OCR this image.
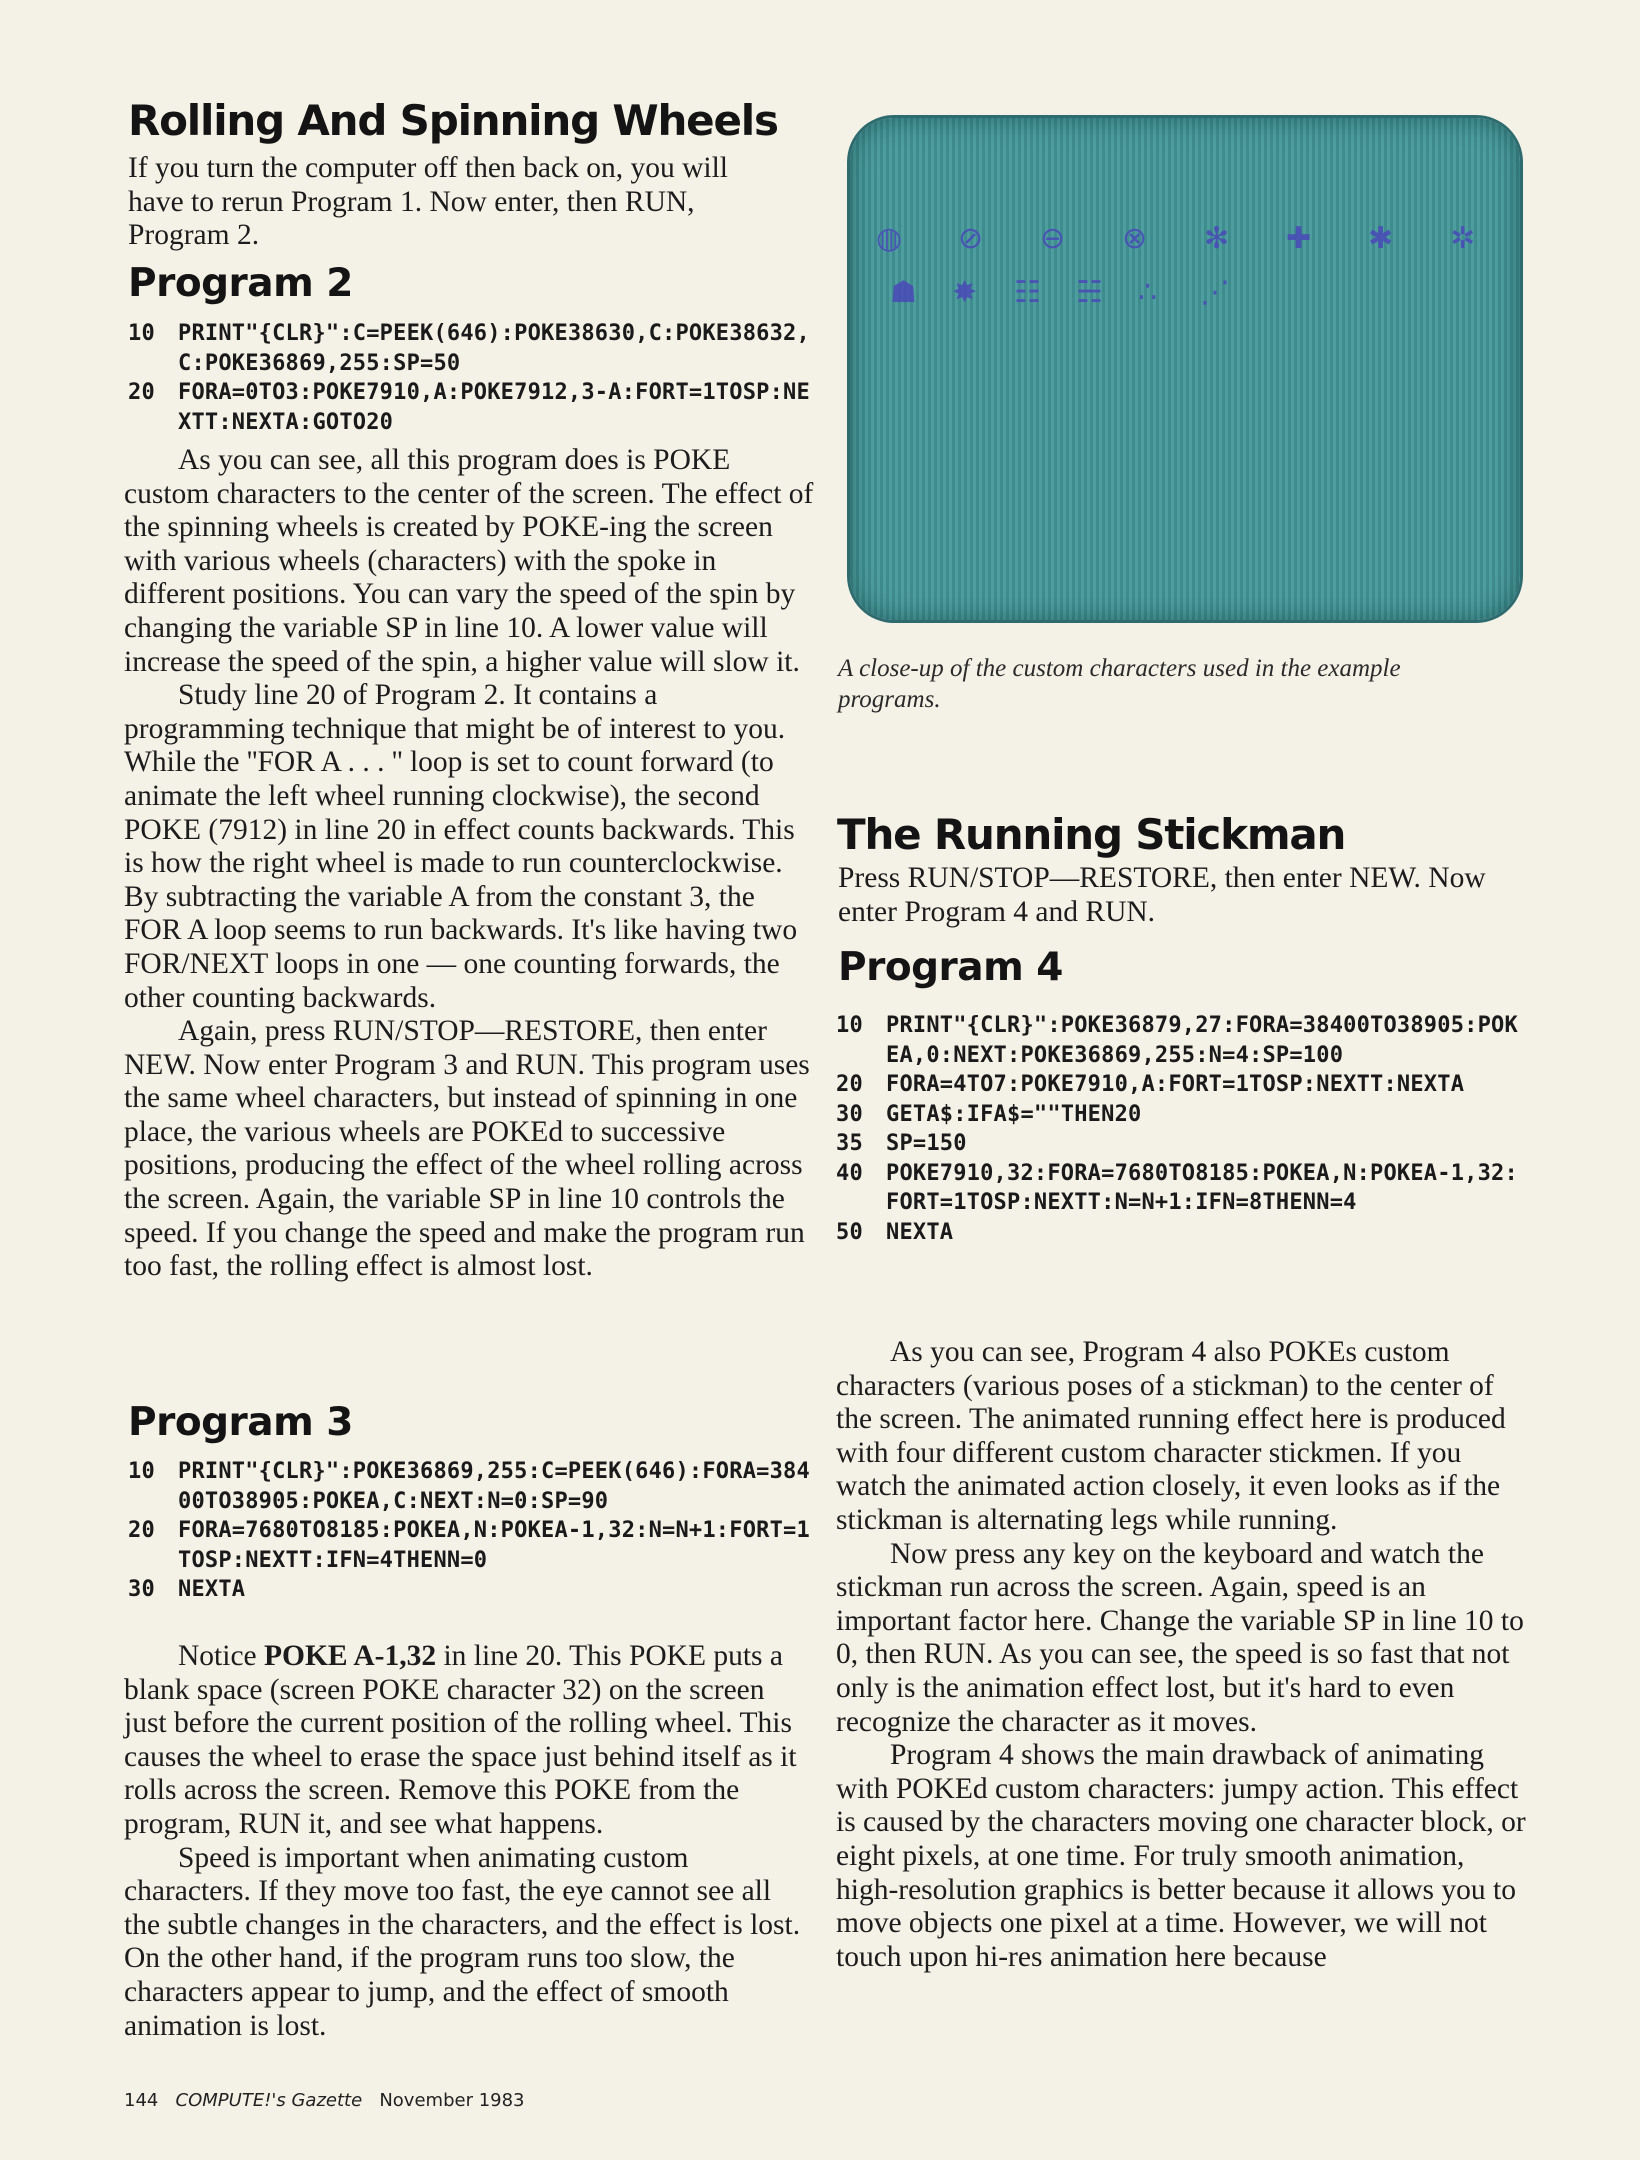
Rolling And Spinning Wheels

If you turn the computer off then back on, you will have to rerun Program 1. Now enter, then RUN, Program 2.

Program 2
10	PRINT"{CLR}":C=PEEK(646):POKE38630,C:POKE38632,C:POKE36869,255:SP=50
20	FORA=0TO3:POKE7910,A:POKE7912,3-A:FORT=1TOSP:NEXTT:NEXTA:GOTO20

As you can see, all this program does is POKE custom characters to the center of the screen. The effect of the spinning wheels is created by POKE-ing the screen with various wheels (characters) with the spoke in different positions. You can vary the speed of the spin by changing the variable SP in line 10. A lower value will increase the speed of the spin, a higher value will slow it.

Study line 20 of Program 2. It contains a programming technique that might be of interest to you. While the ''FOR A . . . '' loop is set to count forward (to animate the left wheel running clockwise), the second POKE (7912) in line 20 in effect counts backwards. This is how the right wheel is made to run counterclockwise. By subtracting the variable A from the constant 3, the FOR A loop seems to run backwards. It's like having two FOR/NEXT loops in one — one counting forwards, the other counting backwards.

Again, press RUN/STOP—RESTORE, then enter NEW. Now enter Program 3 and RUN. This program uses the same wheel characters, but instead of spinning in one place, the various wheels are POKEd to successive positions, producing the effect of the wheel rolling across the screen. Again, the variable SP in line 10 controls the speed. If you change the speed and make the program run too fast, the rolling effect is almost lost.

Program 3
10	PRINT"{CLR}":POKE36869,255:C=PEEK(646):FORA=38400TO38905:POKEA,C:NEXT:N=0:SP=90
20	FORA=7680TO8185:POKEA,N:POKEA-1,32:N=N+1:FORT=1TOSP:NEXTT:IFN=4THENN=0
30	NEXTA

Notice POKE A-1,32 in line 20. This POKE puts a blank space (screen POKE character 32) on the screen just before the current position of the rolling wheel. This causes the wheel to erase the space just behind itself as it rolls across the screen. Remove this POKE from the program, RUN it, and see what happens.

Speed is important when animating custom characters. If they move too fast, the eye cannot see all the subtle changes in the characters, and the effect is lost. On the other hand, if the program runs too slow, the characters appear to jump, and the effect of smooth animation is lost.

◍ ⊘ ⊖ ⊗ ✻ ✚ ✱ ✲
☗ ✸ ☷ ☵ ∴ ⋰

A close-up of the custom characters used in the example programs.

The Running Stickman

Press RUN/STOP—RESTORE, then enter NEW. Now enter Program 4 and RUN.

Program 4
10	PRINT"{CLR}":POKE36879,27:FORA=38400TO38905:POKEA,0:NEXT:POKE36869,255:N=4:SP=100
20	FORA=4TO7:POKE7910,A:FORT=1TOSP:NEXTT:NEXTA
30	GETA$:IFA$=""THEN20
35	SP=150
40	POKE7910,32:FORA=7680TO8185:POKEA,N:POKEA-1,32:FORT=1TOSP:NEXTT:N=N+1:IFN=8THENN=4
50	NEXTA

As you can see, Program 4 also POKEs custom characters (various poses of a stickman) to the center of the screen. The animated running effect here is produced with four different custom character stickmen. If you watch the animated action closely, it even looks as if the stickman is alternating legs while running.

Now press any key on the keyboard and watch the stickman run across the screen. Again, speed is an important factor here. Change the variable SP in line 10 to 0, then RUN. As you can see, the speed is so fast that not only is the animation effect lost, but it's hard to even recognize the character as it moves.

Program 4 shows the main drawback of animating with POKEd custom characters: jumpy action. This effect is caused by the characters moving one character block, or eight pixels, at one time. For truly smooth animation, high-resolution graphics is better because it allows you to move objects one pixel at a time. However, we will not touch upon hi-res animation here because

144 COMPUTE!'s Gazette November 1983
